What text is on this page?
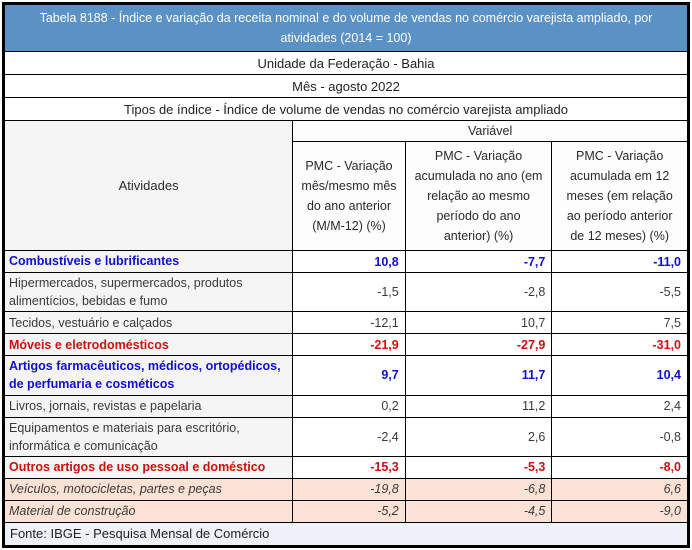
Tabela 8188 - Índice e variação da receita nominal e do volume de vendas no comércio varejista ampliado, por atividades (2014 = 100)			
Unidade da Federação - Bahia			
Mês - agosto 2022			
Tipos de índice - Índice de volume de vendas no comércio varejista ampliado			
Atividades	Variável		
	PMC - Variação mês/mesmo mês do ano anterior (M/M-12) (%)	PMC - Variação acumulada no ano (em relação ao mesmo período do ano anterior) (%)	PMC - Variação acumulada em 12 meses (em relação ao período anterior de 12 meses) (%)
Combustíveis e lubrificantes	10,8	-7,7	-11,0
Hipermercados, supermercados, produtos alimentícios, bebidas e fumo	-1,5	-2,8	-5,5
Tecidos, vestuário e calçados	-12,1	10,7	7,5
Móveis e eletrodomésticos	-21,9	-27,9	-31,0
Artigos farmacêuticos, médicos, ortopédicos, de perfumaria e cosméticos	9,7	11,7	10,4
Livros, jornais, revistas e papelaria	0,2	11,2	2,4
Equipamentos e materiais para escritório, informática e comunicação	-2,4	2,6	-0,8
Outros artigos de uso pessoal e doméstico	-15,3	-5,3	-8,0
Veículos, motocicletas, partes e peças	-19,8	-6,8	6,6
Material de construção	-5,2	-4,5	-9,0
Fonte: IBGE - Pesquisa Mensal de Comércio			
